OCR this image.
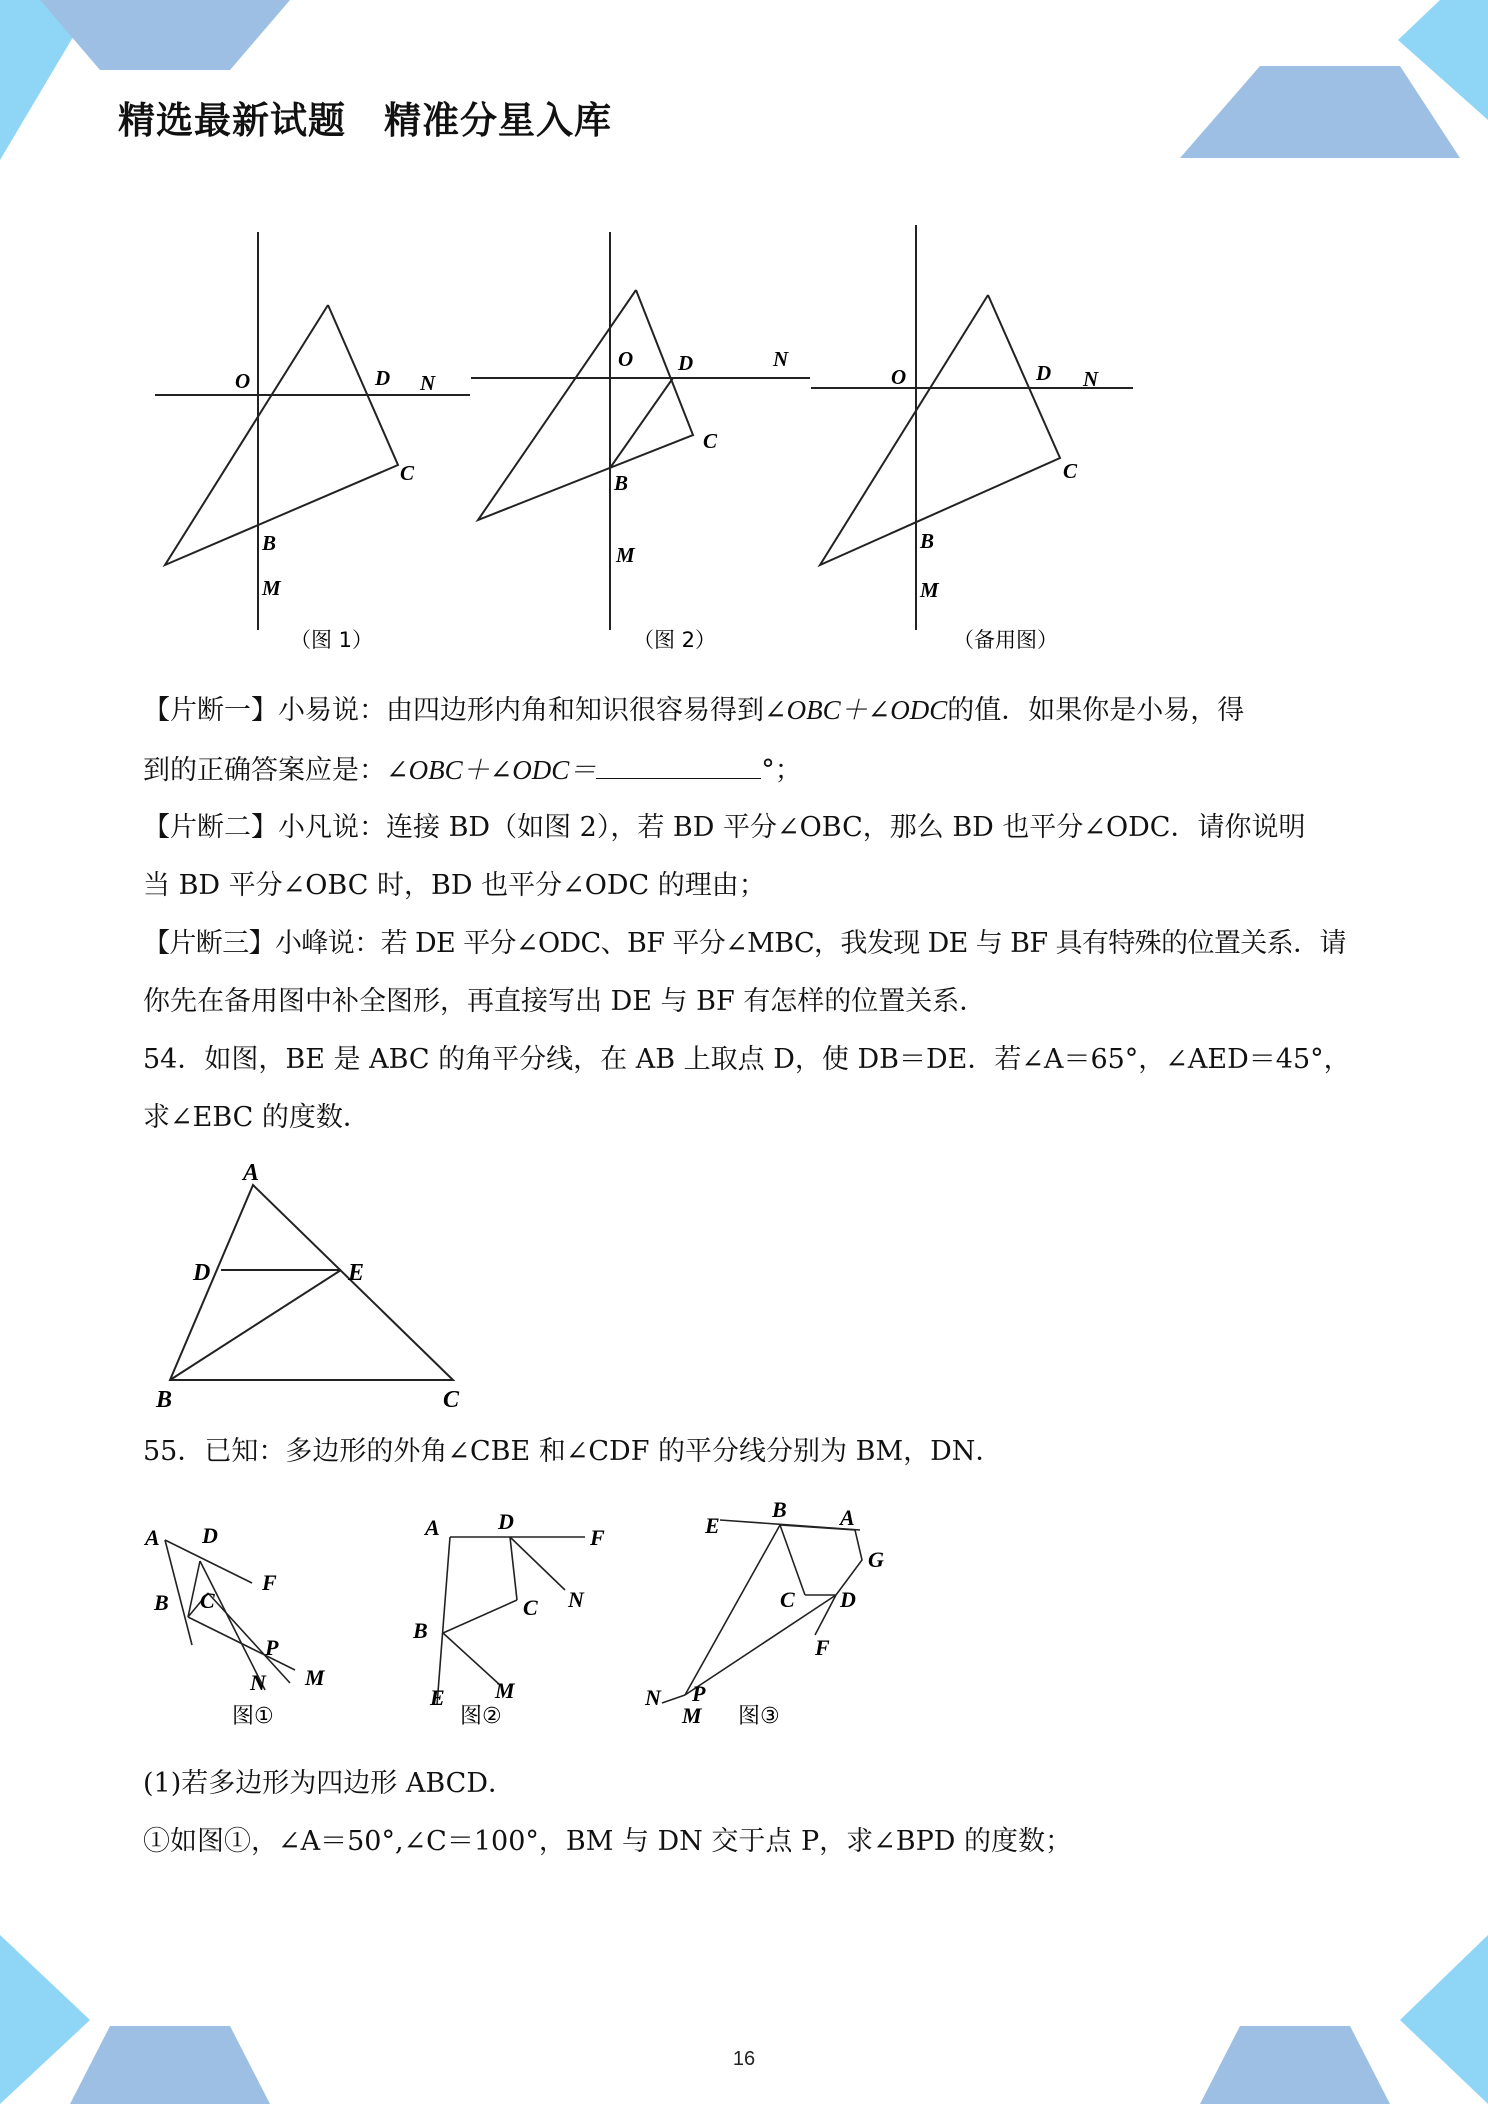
精选最新试题　精准分星入库
O	D N
C
B
M
（图 1）
O D	N
C
B
M
（图 2）
O	D N
C
B
M
（备用图）
【片断一】小易说：由四边形内角和知识很容易得到∠OBC＋∠ODC的值．如果你是小易，得
到的正确答案应是：∠OBC＋∠ODC＝	°；
【片断二】小凡说：连接 BD（如图 2），若 BD 平分∠OBC，那么 BD 也平分∠ODC．请你说明
当 BD 平分∠OBC 时，BD 也平分∠ODC 的理由；
【片断三】小峰说：若 DE 平分∠ODC、BF 平分∠MBC，我发现 DE 与 BF 具有特殊的位置关系．请
你先在备用图中补全图形，再直接写出 DE 与 BF 有怎样的位置关系．
54．如图，BE 是 ABC 的角平分线，在 AB 上取点 D，使 DB＝DE．若∠A＝65°，∠AED＝45°，
求∠EBC 的度数．
A
D	E
B	C
55．已知：多边形的外角∠CBE 和∠CDF 的平分线分别为 BM，DN．
A D
F
B C
P
N M
图①
A	D
F
C N
B
M
E
图②
E
B A
G
C D
F
N P
M 图③
(1)若多边形为四边形 ABCD．
①如图①，∠A＝50°,∠C＝100°，BM 与 DN 交于点 P，求∠BPD 的度数；
16
